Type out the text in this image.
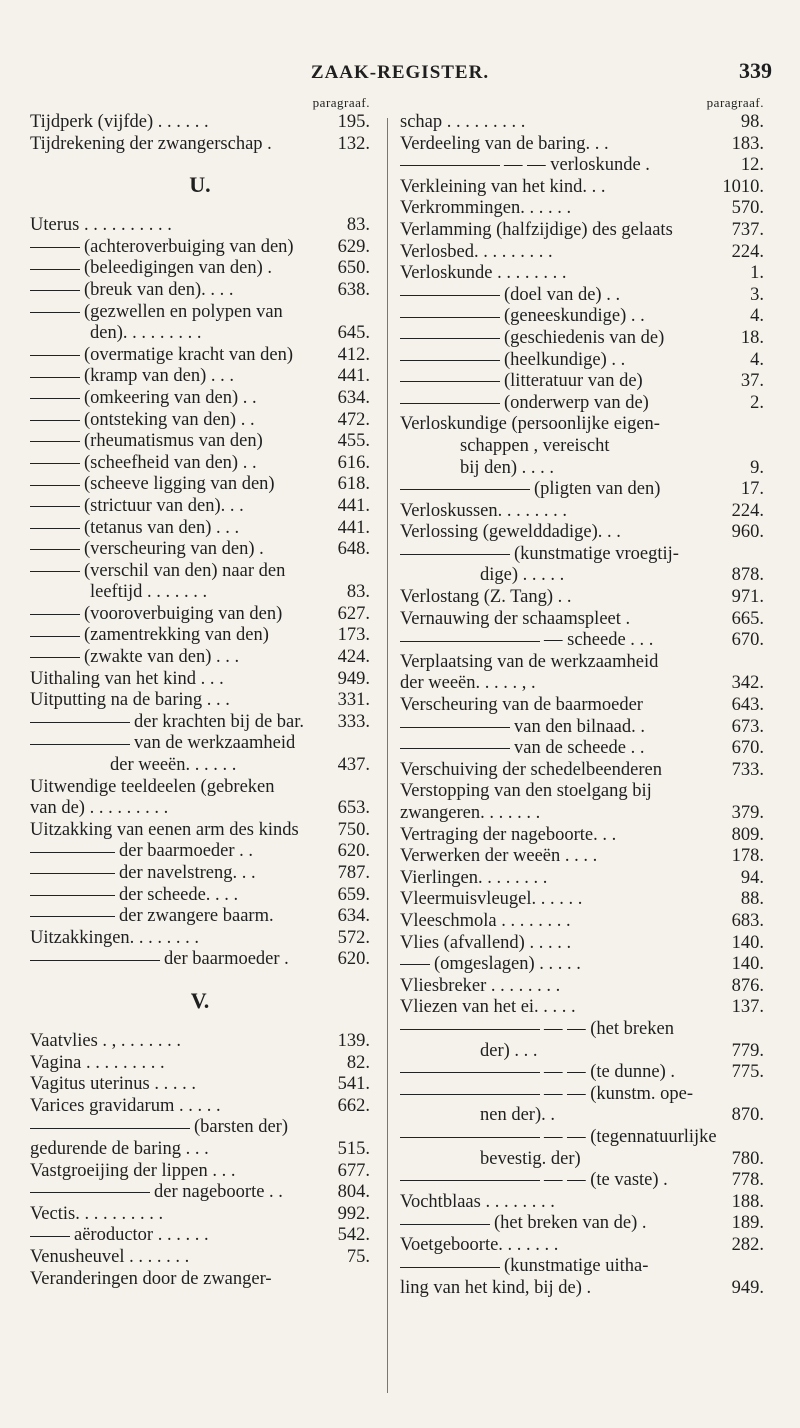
ZAAK-REGISTER.	339
paragraaf.
Tijdperk (vijfde) . . . . . .	195.
Tijdrekening der zwangerschap .	132.
U.
Uterus . . . . . . . . . .	83.
(achteroverbuiging van den)	629.
(beleedigingen van den) .	650.
(breuk van den). . . .	638.
(gezwellen en polypen van
den). . . . . . . . .	645.
(overmatige kracht van den)	412.
(kramp van den) . . .	441.
(omkeering van den) . .	634.
(ontsteking van den) . .	472.
(rheumatismus van den)	455.
(scheefheid van den) . .	616.
(scheeve ligging van den)	618.
(strictuur van den). . .	441.
(tetanus van den) . . .	441.
(verscheuring van den) .	648.
(verschil van den) naar den
leeftijd . . . . . . .	83.
(vooroverbuiging van den)	627.
(zamentrekking van den)	173.
(zwakte van den) . . .	424.
Uithaling van het kind . . .	949.
Uitputting na de baring . . .	331.
der krachten bij de bar.	333.
van de werkzaamheid
der weeën. . . . . .	437.
Uitwendige teeldeelen (gebreken
van de) . . . . . . . . .	653.
Uitzakking van eenen arm des kinds	750.
der baarmoeder . .	620.
der navelstreng. . .	787.
der scheede. . . .	659.
der zwangere baarm.	634.
Uitzakkingen. . . . . . . .	572.
der baarmoeder .	620.
V.
Vaatvlies . , . . . . . . .	139.
Vagina . . . . . . . . .	82.
Vagitus uterinus . . . . .	541.
Varices gravidarum . . . . .	662.
(barsten der)
gedurende de baring . . .	515.
Vastgroeijing der lippen . . .	677.
der nageboorte . .	804.
Vectis. . . . . . . . . .	992.
aëroductor . . . . . .	542.
Venusheuvel . . . . . . .	75.
Veranderingen door de zwanger-
paragraaf.
schap . . . . . . . . .	98.
Verdeeling van de baring. . .	183.
— — verloskunde .	12.
Verkleining van het kind. . .	1010.
Verkrommingen. . . . . .	570.
Verlamming (halfzijdige) des gelaats	737.
Verlosbed. . . . . . . . .	224.
Verloskunde . . . . . . . .	1.
(doel van de) . .	3.
(geneeskundige) . .	4.
(geschiedenis van de)	18.
(heelkundige) . .	4.
(litteratuur van de)	37.
(onderwerp van de)	2.
Verloskundige (persoonlijke eigen-
schappen , vereischt
bij den) . . . .	9.
(pligten van den)	17.
Verloskussen. . . . . . . .	224.
Verlossing (gewelddadige). . .	960.
(kunstmatige vroegtij-
dige) . . . . .	878.
Verlostang (Z. Tang) . .	971.
Vernauwing der schaamspleet .	665.
— scheede . . .	670.
Verplaatsing van de werkzaamheid
der weeën. . . . . , .	342.
Verscheuring van de baarmoeder	643.
van den bilnaad. .	673.
van de scheede . .	670.
Verschuiving der schedelbeenderen	733.
Verstopping van den stoelgang bij
zwangeren. . . . . . .	379.
Vertraging der nageboorte. . .	809.
Verwerken der weeën . . . .	178.
Vierlingen. . . . . . . .	94.
Vleermuisvleugel. . . . . .	88.
Vleeschmola . . . . . . . .	683.
Vlies (afvallend) . . . . .	140.
(omgeslagen) . . . . .	140.
Vliesbreker . . . . . . . .	876.
Vliezen van het ei. . . . .	137.
— — (het breken
der) . . .	779.
— — (te dunne) .	775.
— — (kunstm. ope-
nen der). .	870.
— — (tegennatuurlijke
bevestig. der)	780.
— — (te vaste) .	778.
Vochtblaas . . . . . . . .	188.
(het breken van de) .	189.
Voetgeboorte. . . . . . .	282.
(kunstmatige uitha-
ling van het kind, bij de) .	949.
